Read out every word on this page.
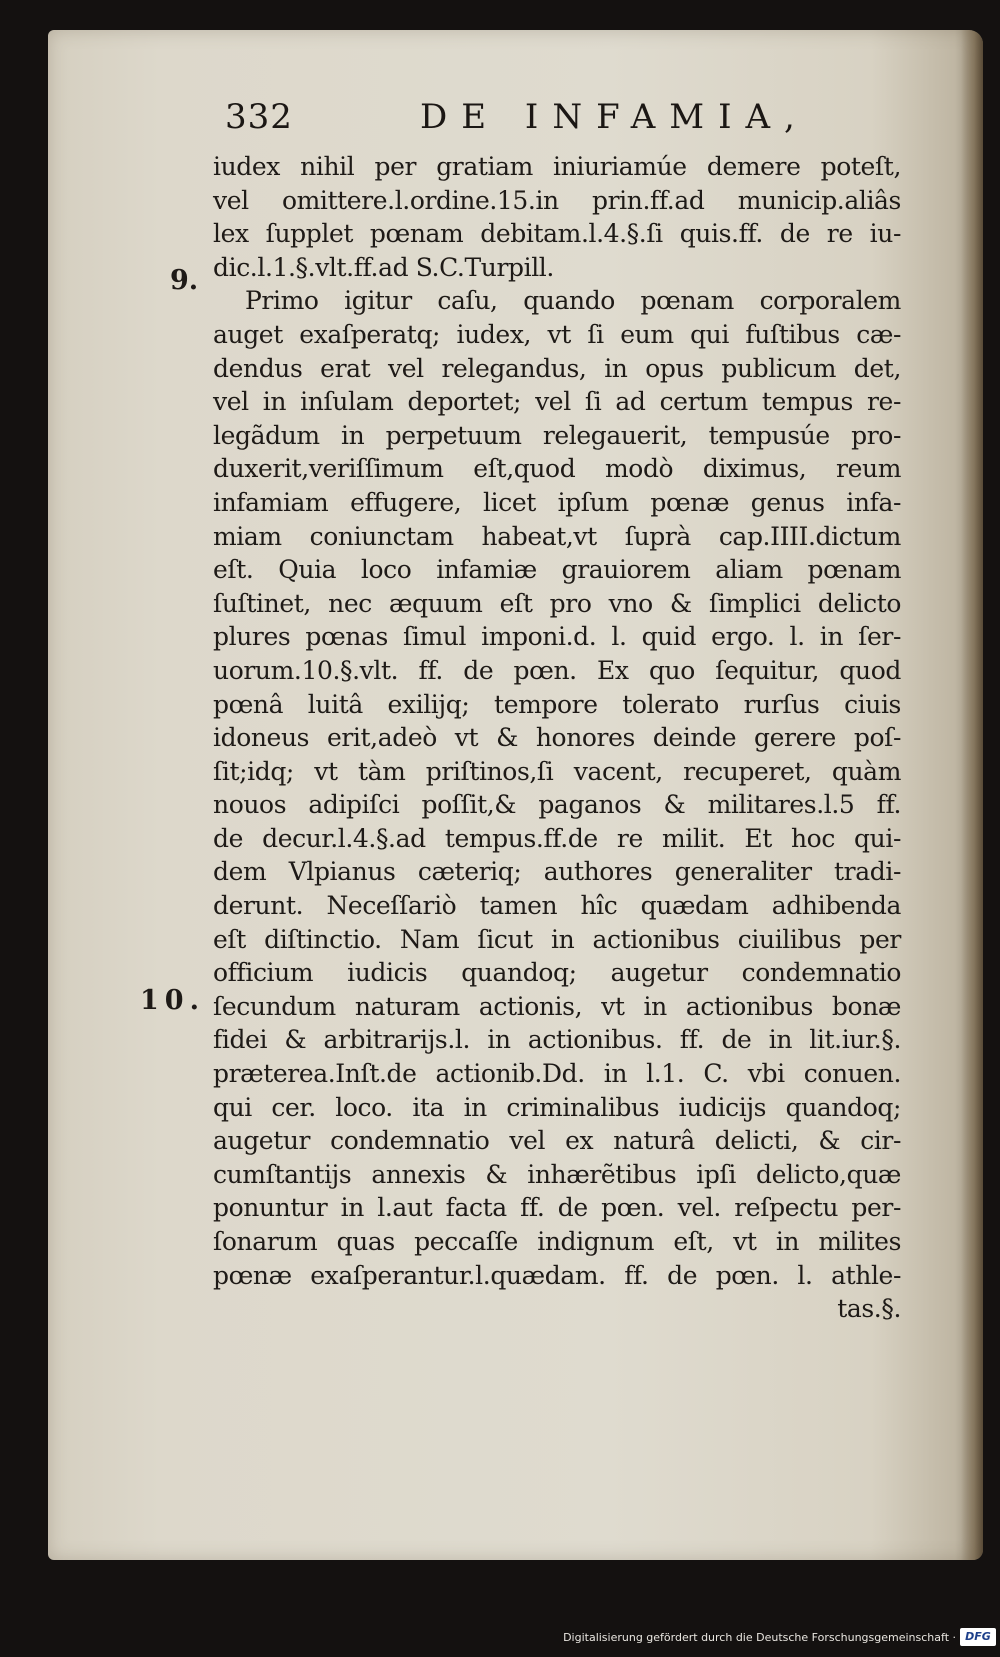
332	DE INFAMIA,
9.
10.
iudex nihil per gratiam iniuriamúe demere poteſt,
vel omittere.l.ordine.15.in prin.ff.ad municip.aliâs
lex ſupplet pœnam debitam.l.4.§.ſi quis.ff. de re iu-
dic.l.1.§.vlt.ff.ad S.C.Turpill.
Primo igitur caſu, quando pœnam corporalem
auget exaſperatq; iudex, vt ſi eum qui fuſtibus cæ-
dendus erat vel relegandus, in opus publicum det,
vel in inſulam deportet; vel ſi ad certum tempus re-
legãdum in perpetuum relegauerit, tempusúe pro-
duxerit,veriſſimum eſt,quod modò diximus, reum
infamiam effugere, licet ipſum pœnæ genus infa-
miam coniunctam habeat,vt ſuprà cap.IIII.dictum
eſt. Quia loco infamiæ grauiorem aliam pœnam
ſuſtinet, nec æquum eſt pro vno & ſimplici delicto
plures pœnas ſimul imponi.d. l. quid ergo. l. in ſer-
uorum.10.§.vlt. ff. de pœn. Ex quo ſequitur, quod
pœnâ luitâ exilijq; tempore tolerato rurſus ciuis
idoneus erit,adeò vt & honores deinde gerere poſ-
ſit;idq; vt tàm priſtinos,ſi vacent, recuperet, quàm
nouos adipiſci poſſit,& paganos & militares.l.5 ff.
de decur.l.4.§.ad tempus.ff.de re milit. Et hoc qui-
dem Vlpianus cæteriq; authores generaliter tradi-
derunt. Neceſſariò tamen hîc quædam adhibenda
eſt diſtinctio. Nam ſicut in actionibus ciuilibus per
officium iudicis quandoq; augetur condemnatio
ſecundum naturam actionis, vt in actionibus bonæ
fidei & arbitrarijs.l. in actionibus. ff. de in lit.iur.§.
præterea.Inſt.de actionib.Dd. in l.1. C. vbi conuen.
qui cer. loco. ita in criminalibus iudicijs quandoq;
augetur condemnatio vel ex naturâ delicti, & cir-
cumſtantijs annexis & inhærẽtibus ipſi delicto,quæ
ponuntur in l.aut facta ff. de pœn. vel. reſpectu per-
ſonarum quas peccaſſe indignum eſt, vt in milites
pœnæ exaſperantur.l.quædam. ff. de pœn. l. athle-
tas.§.
Digitalisierung gefördert durch die Deutsche Forschungsgemeinschaft · DFG
